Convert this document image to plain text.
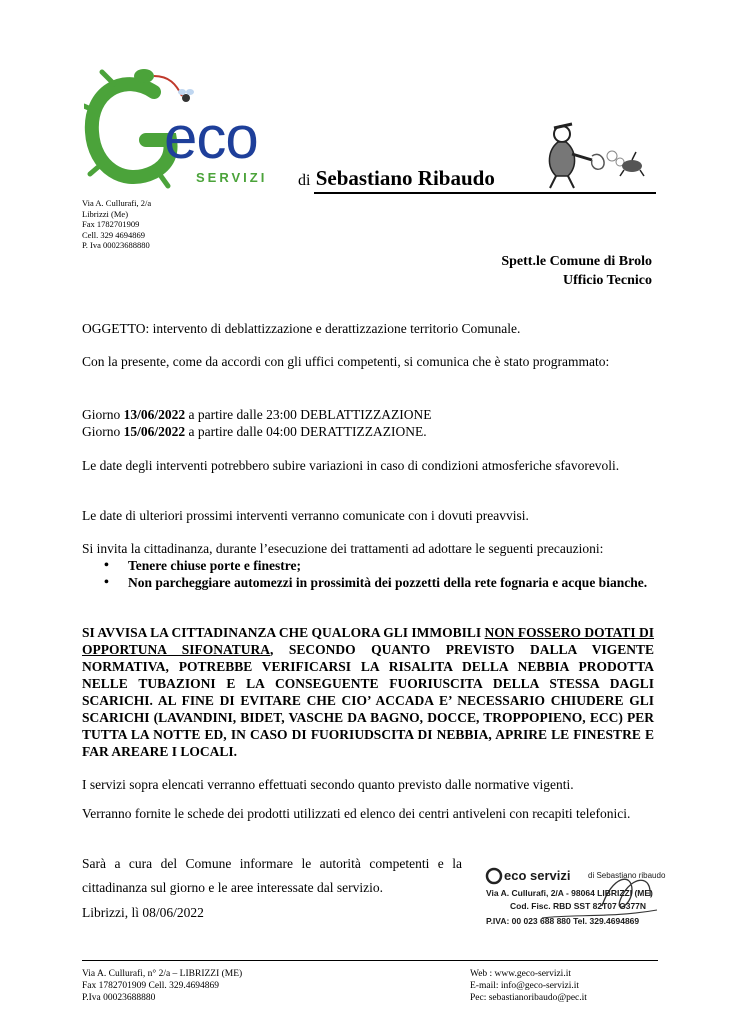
eco
SERVIZI di Sebastiano Ribaudo
Via A. Cullurafi, 2/a
Librizzi (Me)
Fax 1782701909
Cell. 329 4694869
P. Iva 00023688880
Spett.le Comune di Brolo
Ufficio Tecnico
OGGETTO: intervento di deblattizzazione e derattizzazione territorio Comunale.
Con la presente, come da accordi con gli uffici competenti, si comunica che è stato programmato:
Giorno 13/06/2022 a partire dalle 23:00 DEBLATTIZZAZIONE
Giorno 15/06/2022 a partire dalle 04:00 DERATTIZZAZIONE.
Le date degli interventi potrebbero subire variazioni in caso di condizioni atmosferiche sfavorevoli.
Le date di ulteriori prossimi interventi verranno comunicate con i dovuti preavvisi.
Si invita la cittadinanza, durante l’esecuzione dei trattamenti ad adottare le seguenti precauzioni:
• Tenere chiuse porte e finestre;
• Non parcheggiare automezzi in prossimità dei pozzetti della rete fognaria e acque bianche.
SI AVVISA LA CITTADINANZA CHE QUALORA GLI IMMOBILI NON FOSSERO DOTATI DI OPPORTUNA SIFONATURA, SECONDO QUANTO PREVISTO DALLA VIGENTE NORMATIVA, POTREBBE VERIFICARSI LA RISALITA DELLA NEBBIA PRODOTTA NELLE TUBAZIONI E LA CONSEGUENTE FUORIUSCITA DELLA STESSA DAGLI SCARICHI. AL FINE DI EVITARE CHE CIO’ ACCADA E’ NECESSARIO CHIUDERE GLI SCARICHI (LAVANDINI, BIDET, VASCHE DA BAGNO, DOCCE, TROPPOPIENO, ECC) PER TUTTA LA NOTTE ED, IN CASO DI FUORIUDSCITA DI NEBBIA, APRIRE LE FINESTRE E FAR AREARE I LOCALI.
I servizi sopra elencati verranno effettuati secondo quanto previsto dalle normative vigenti.
Verranno fornite le schede dei prodotti utilizzati ed elenco dei centri antiveleni con recapiti telefonici.
Sarà a cura del Comune informare le autorità competenti e la cittadinanza sul giorno e le aree interessate dal servizio.
Librizzi, lì 08/06/2022
eco servizi di Sebastiano ribaudo
Via A. Cullurafi, 2/A - 98064 LIBRIZZI (ME)
Cod. Fisc. RBD SST 82T07 G377N
P.IVA: 00 023 688 880 Tel. 329.4694869
Via A. Cullurafi, n° 2/a – LIBRIZZI (ME)
Fax 1782701909 Cell. 329.4694869
P.Iva 00023688880
Web : www.geco-servizi.it
E-mail: info@geco-servizi.it
Pec: sebastianoribaudo@pec.it
